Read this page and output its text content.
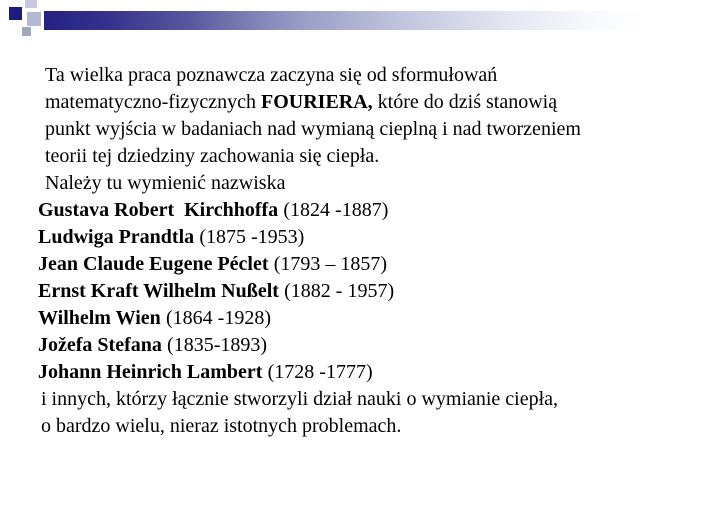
Ta wielka praca poznawcza zaczyna się od sformułowań

matematyczno-fizycznych FOURIERA, które do dziś stanowią

punkt wyjścia w badaniach nad wymianą cieplną i nad tworzeniem

teorii tej dziedziny zachowania się ciepła.

Należy tu wymienić nazwiska

Gustava Robert  Kirchhoffa (1824 -1887)

Ludwiga Prandtla (1875 -1953)

Jean Claude Eugene Péclet (1793 – 1857)

Ernst Kraft Wilhelm Nußelt (1882 - 1957)

Wilhelm Wien (1864 -1928)

Jožefa Stefana (1835-1893)

Johann Heinrich Lambert (1728 -1777)

i innych, którzy łącznie stworzyli dział nauki o wymianie ciepła,

o bardzo wielu, nieraz istotnych problemach.
